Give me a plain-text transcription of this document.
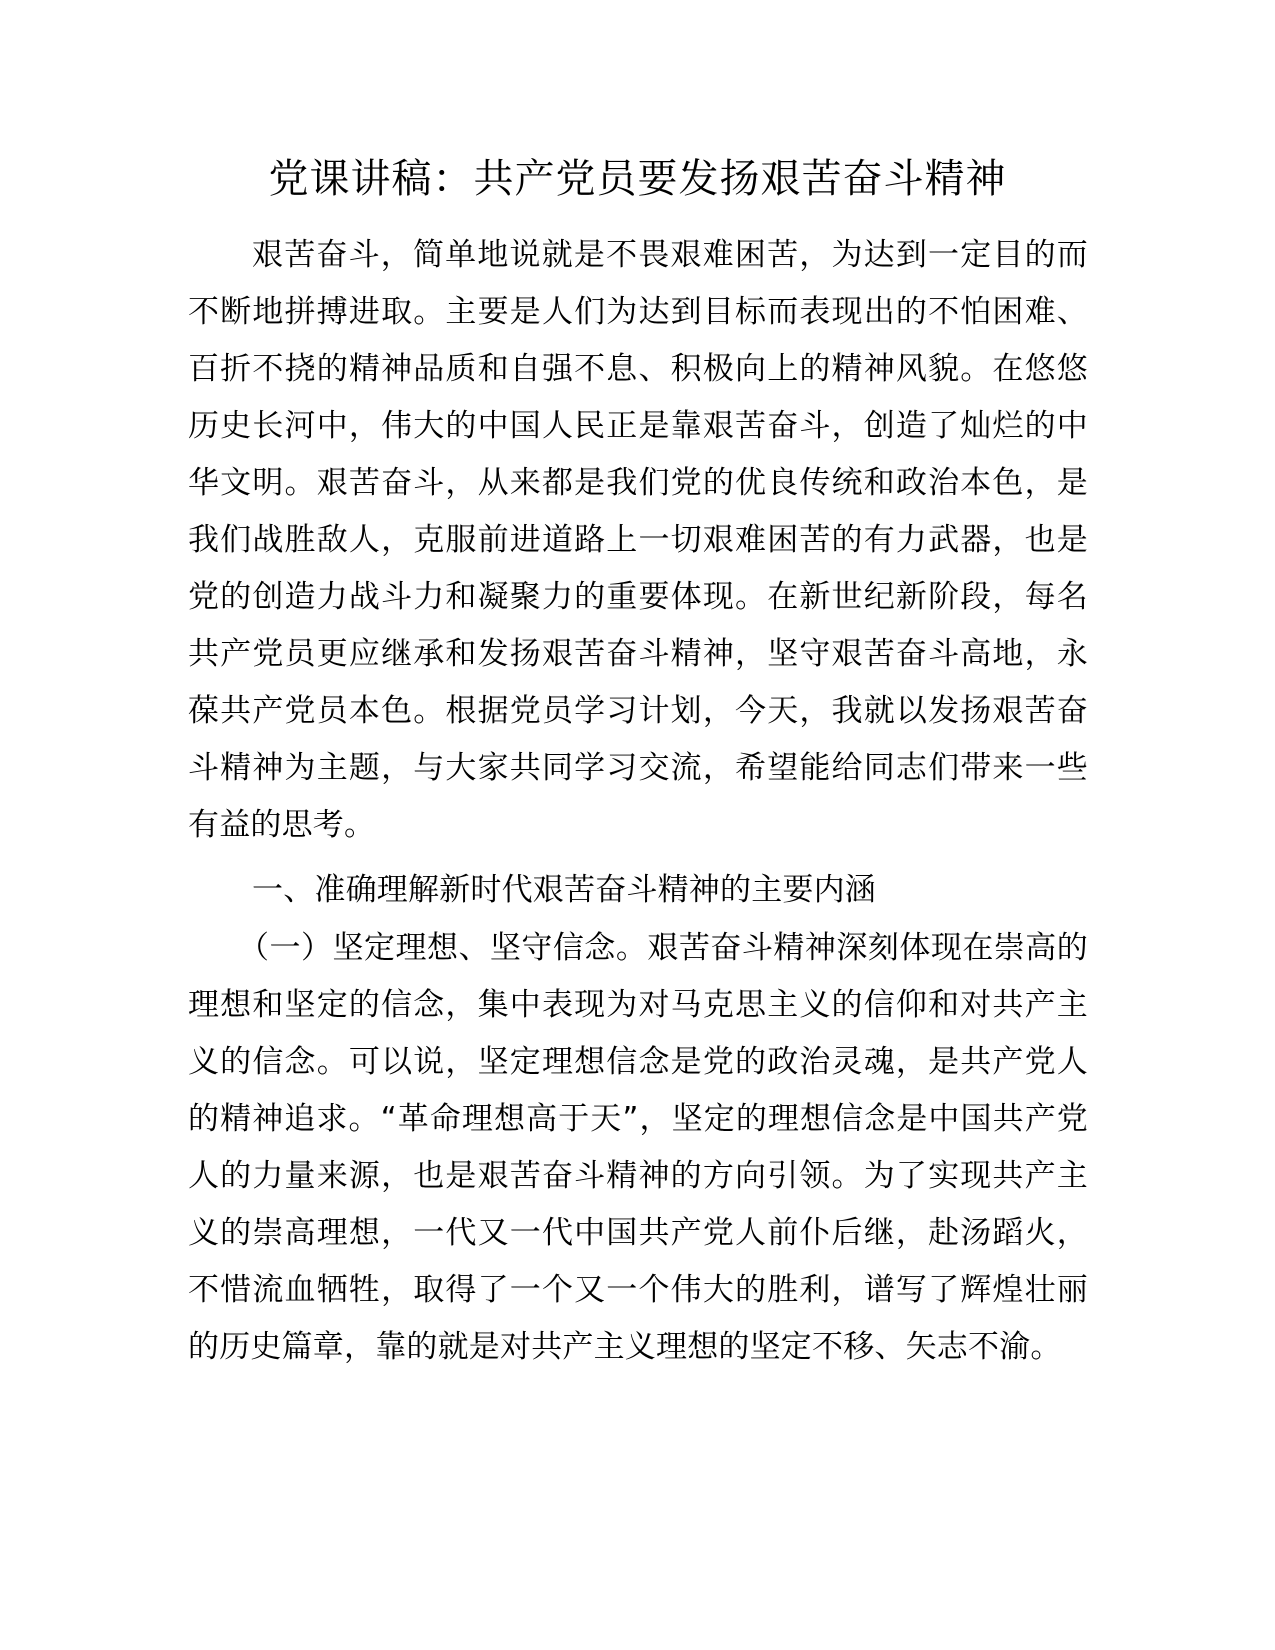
党课讲稿：共产党员要发扬艰苦奋斗精神

艰苦奋斗，简单地说就是不畏艰难困苦，为达到一定目的而不断地拼搏进取。主要是人们为达到目标而表现出的不怕困难、百折不挠的精神品质和自强不息、积极向上的精神风貌。在悠悠历史长河中，伟大的中国人民正是靠艰苦奋斗，创造了灿烂的中华文明。艰苦奋斗，从来都是我们党的优良传统和政治本色，是我们战胜敌人，克服前进道路上一切艰难困苦的有力武器，也是党的创造力战斗力和凝聚力的重要体现。在新世纪新阶段，每名共产党员更应继承和发扬艰苦奋斗精神，坚守艰苦奋斗高地，永葆共产党员本色。根据党员学习计划，今天，我就以发扬艰苦奋斗精神为主题，与大家共同学习交流，希望能给同志们带来一些有益的思考。

一、准确理解新时代艰苦奋斗精神的主要内涵

（一）坚定理想、坚守信念。艰苦奋斗精神深刻体现在崇高的理想和坚定的信念，集中表现为对马克思主义的信仰和对共产主义的信念。可以说，坚定理想信念是党的政治灵魂，是共产党人的精神追求。“革命理想高于天”，坚定的理想信念是中国共产党人的力量来源，也是艰苦奋斗精神的方向引领。为了实现共产主义的崇高理想，一代又一代中国共产党人前仆后继，赴汤蹈火，不惜流血牺牲，取得了一个又一个伟大的胜利，谱写了辉煌壮丽的历史篇章，靠的就是对共产主义理想的坚定不移、矢志不渝。
